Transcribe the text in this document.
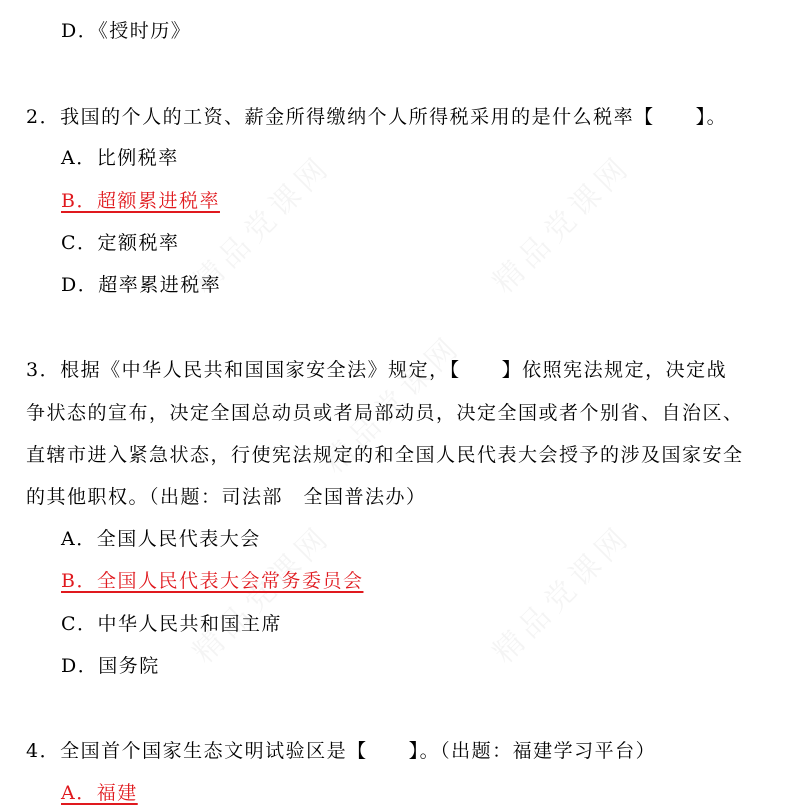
D．《授时历》
2．我国的个人的工资、薪金所得缴纳个人所得税采用的是什么税率【　　】。
A．比例税率
B．超额累进税率
C．定额税率
D．超率累进税率
3．根据《中华人民共和国国家安全法》规定，【　　】依照宪法规定，决定战
争状态的宣布，决定全国总动员或者局部动员，决定全国或者个别省、自治区、
直辖市进入紧急状态，行使宪法规定的和全国人民代表大会授予的涉及国家安全
的其他职权。（出题：司法部　全国普法办）
A．全国人民代表大会
B．全国人民代表大会常务委员会
C．中华人民共和国主席
D．国务院
4．全国首个国家生态文明试验区是【　　】。（出题：福建学习平台）
A．福建
